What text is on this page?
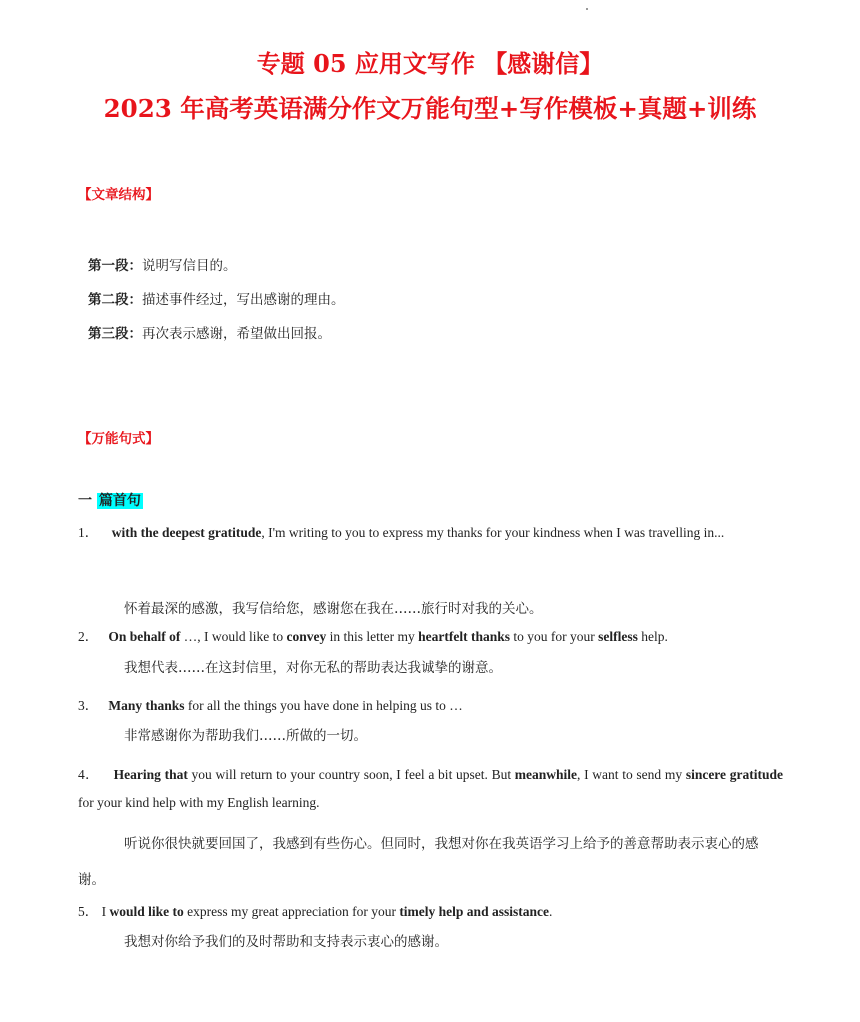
专题 05 应用文写作 【感谢信】
2023 年高考英语满分作文万能句型+写作模板+真题+训练
【文章结构】
第一段：说明写信目的。
第二段：描述事件经过，写出感谢的理由。
第三段：再次表示感谢，希望做出回报。
【万能句式】
一 篇首句
1． with the deepest gratitude, I'm writing to you to express my thanks for your kindness when I was travelling in...
怀着最深的感激，我写信给您，感谢您在我在……旅行时对我的关心。
2． On behalf of …, I would like to convey in this letter my heartfelt thanks to you for your selfless help.
我想代表……在这封信里，对你无私的帮助表达我诚挚的谢意。
3． Many thanks for all the things you have done in helping us to …
非常感谢你为帮助我们……所做的一切。
4． Hearing that you will return to your country soon, I feel a bit upset. But meanwhile, I want to send my sincere gratitude for your kind help with my English learning.
听说你很快就要回国了，我感到有些伤心。但同时，我想对你在我英语学习上给予的善意帮助表示衷心的感谢。
5． I would like to express my great appreciation for your timely help and assistance.
我想对你给予我们的及时帮助和支持表示衷心的感谢。
